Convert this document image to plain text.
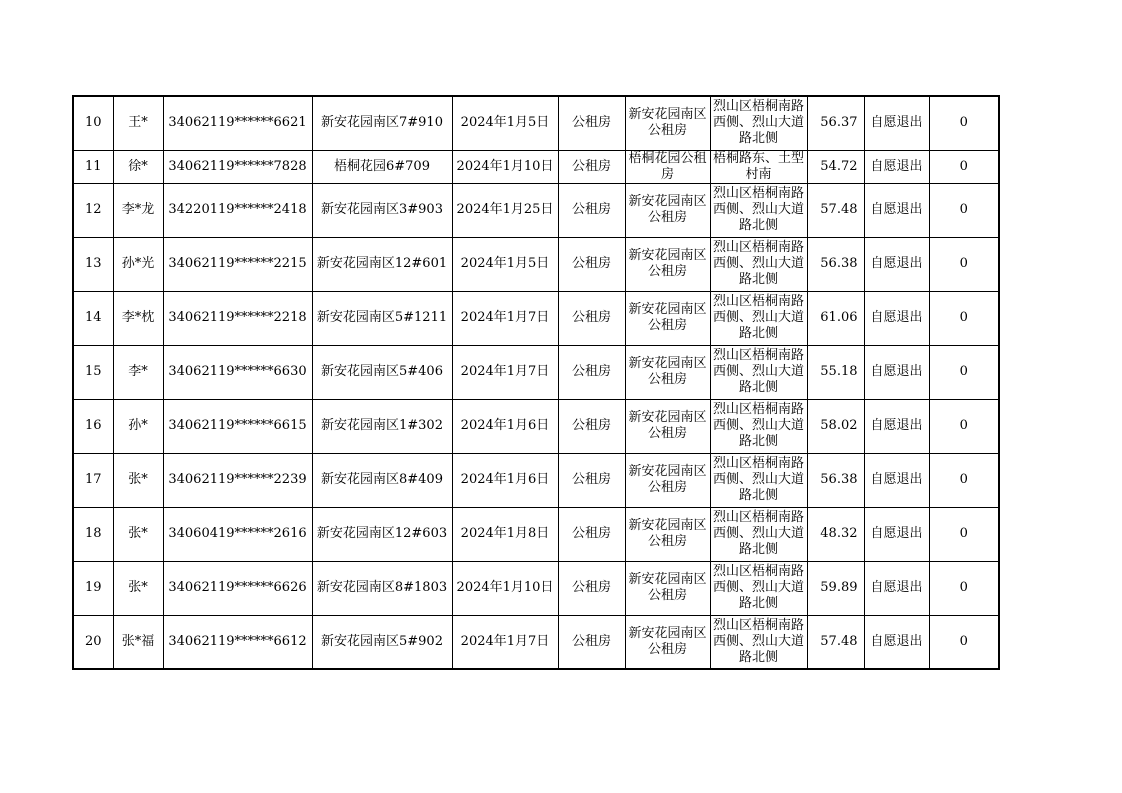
10	王*	34062119******6621	新安花园南区7#910	2024年1月5日	公租房	新安花园南区公租房	烈山区梧桐南路西侧、烈山大道路北侧	56.37	自愿退出	0
11	徐*	34062119******7828	梧桐花园6#709	2024年1月10日	公租房	梧桐花园公租房	梧桐路东、土型村南	54.72	自愿退出	0
12	李*龙	34220119******2418	新安花园南区3#903	2024年1月25日	公租房	新安花园南区公租房	烈山区梧桐南路西侧、烈山大道路北侧	57.48	自愿退出	0
13	孙*光	34062119******2215	新安花园南区12#601	2024年1月5日	公租房	新安花园南区公租房	烈山区梧桐南路西侧、烈山大道路北侧	56.38	自愿退出	0
14	李*枕	34062119******2218	新安花园南区5#1211	2024年1月7日	公租房	新安花园南区公租房	烈山区梧桐南路西侧、烈山大道路北侧	61.06	自愿退出	0
15	李*	34062119******6630	新安花园南区5#406	2024年1月7日	公租房	新安花园南区公租房	烈山区梧桐南路西侧、烈山大道路北侧	55.18	自愿退出	0
16	孙*	34062119******6615	新安花园南区1#302	2024年1月6日	公租房	新安花园南区公租房	烈山区梧桐南路西侧、烈山大道路北侧	58.02	自愿退出	0
17	张*	34062119******2239	新安花园南区8#409	2024年1月6日	公租房	新安花园南区公租房	烈山区梧桐南路西侧、烈山大道路北侧	56.38	自愿退出	0
18	张*	34060419******2616	新安花园南区12#603	2024年1月8日	公租房	新安花园南区公租房	烈山区梧桐南路西侧、烈山大道路北侧	48.32	自愿退出	0
19	张*	34062119******6626	新安花园南区8#1803	2024年1月10日	公租房	新安花园南区公租房	烈山区梧桐南路西侧、烈山大道路北侧	59.89	自愿退出	0
20	张*福	34062119******6612	新安花园南区5#902	2024年1月7日	公租房	新安花园南区公租房	烈山区梧桐南路西侧、烈山大道路北侧	57.48	自愿退出	0
